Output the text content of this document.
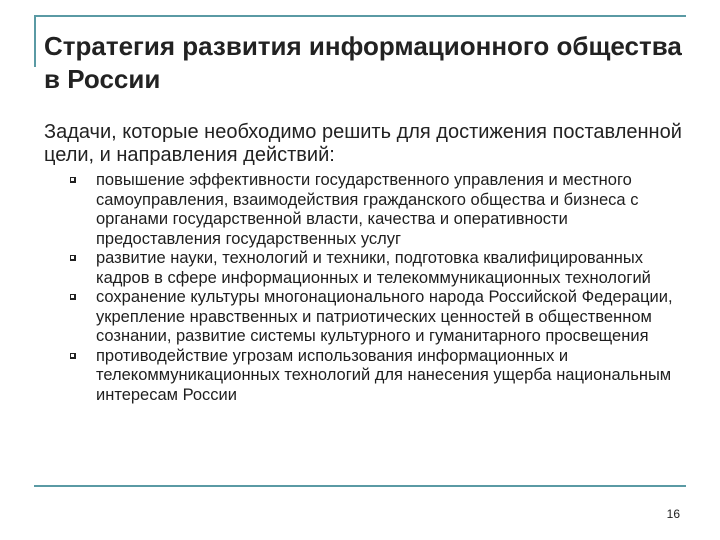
Стратегия развития информационного общества в России
Задачи, которые необходимо решить для достижения поставленной цели, и направления действий:
повышение эффективности государственного управления и местного самоуправления, взаимодействия гражданского общества и бизнеса с органами государственной власти, качества и оперативности предоставления государственных услуг
развитие науки, технологий и техники, подготовка квалифицированных кадров в сфере информационных и телекоммуникационных технологий
сохранение культуры многонационального народа Российской Федерации, укрепление нравственных и патриотических ценностей в общественном сознании, развитие системы культурного и гуманитарного просвещения
противодействие угрозам использования информационных и телекоммуникационных технологий для нанесения ущерба национальным интересам России
16
